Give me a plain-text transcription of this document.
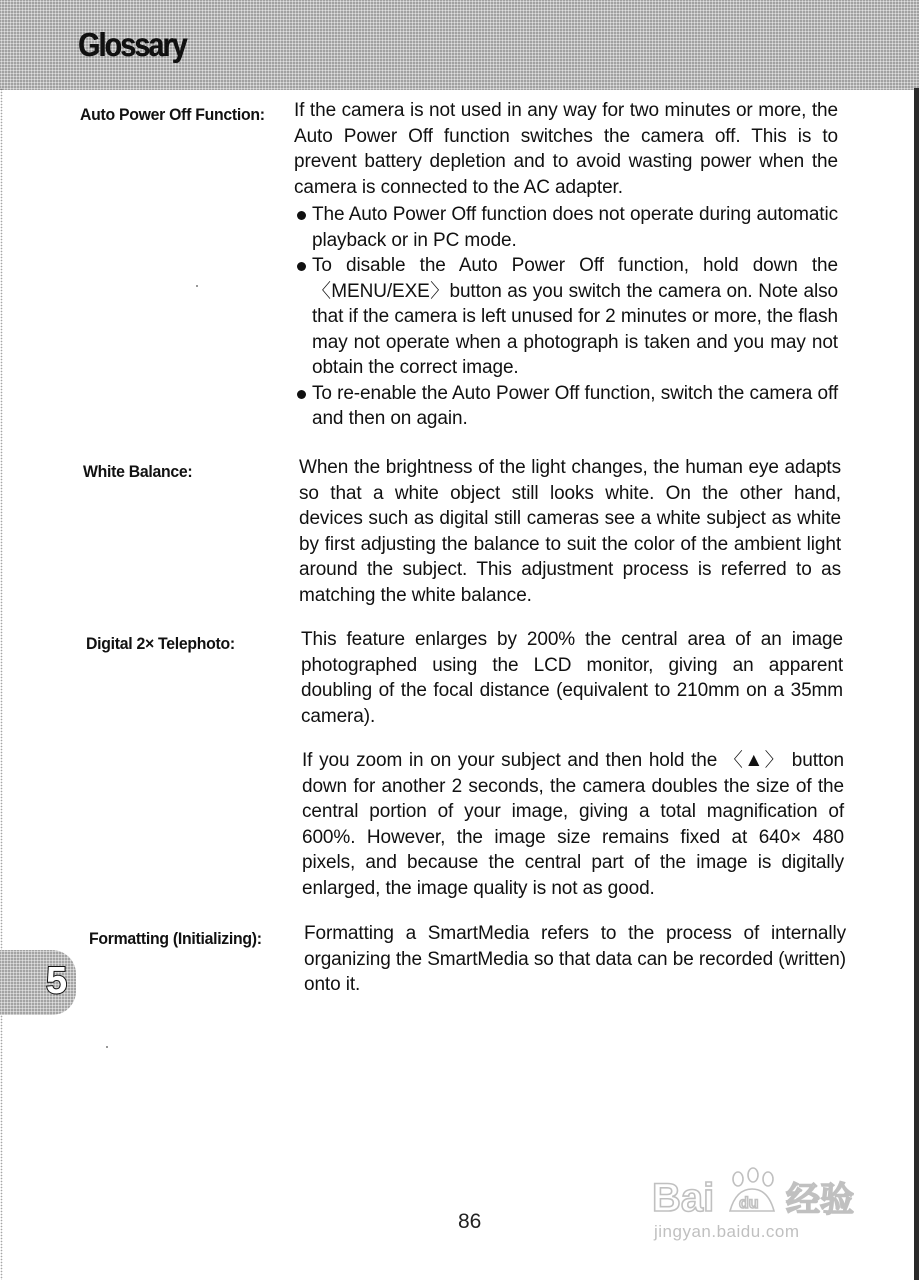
Glossary
Auto Power Off Function: If the camera is not used in any way for two minutes or more, the Auto Power Off function switches the camera off. This is to prevent battery depletion and to avoid wasting power when the camera is connected to the AC adapter.
The Auto Power Off function does not operate during automatic playback or in PC mode.
To disable the Auto Power Off function, hold down the 〈MENU/EXE〉button as you switch the camera on. Note also that if the camera is left unused for 2 minutes or more, the flash may not operate when a photograph is taken and you may not obtain the correct image.
To re-enable the Auto Power Off function, switch the camera off and then on again.
White Balance:	When the brightness of the light changes, the human eye adapts so that a white object still looks white. On the other hand, devices such as digital still cameras see a white subject as white by first adjusting the balance to suit the color of the ambient light around the subject. This adjustment process is referred to as matching the white balance.
Digital 2× Telephoto:	This feature enlarges by 200% the central area of an image photographed using the LCD monitor, giving an apparent doubling of the focal distance (equivalent to 210mm on a 35mm camera).
If you zoom in on your subject and then hold the 〈▲〉 button down for another 2 seconds, the camera doubles the size of the central portion of your image, giving a total magnification of 600%. However, the image size remains fixed at 640× 480 pixels, and because the central part of the image is digitally enlarged, the image quality is not as good.
Formatting (Initializing): Formatting a SmartMedia refers to the process of internally organizing the SmartMedia so that data can be recorded (written) onto it.
5
86
Bai du 经验
jingyan.baidu.com
